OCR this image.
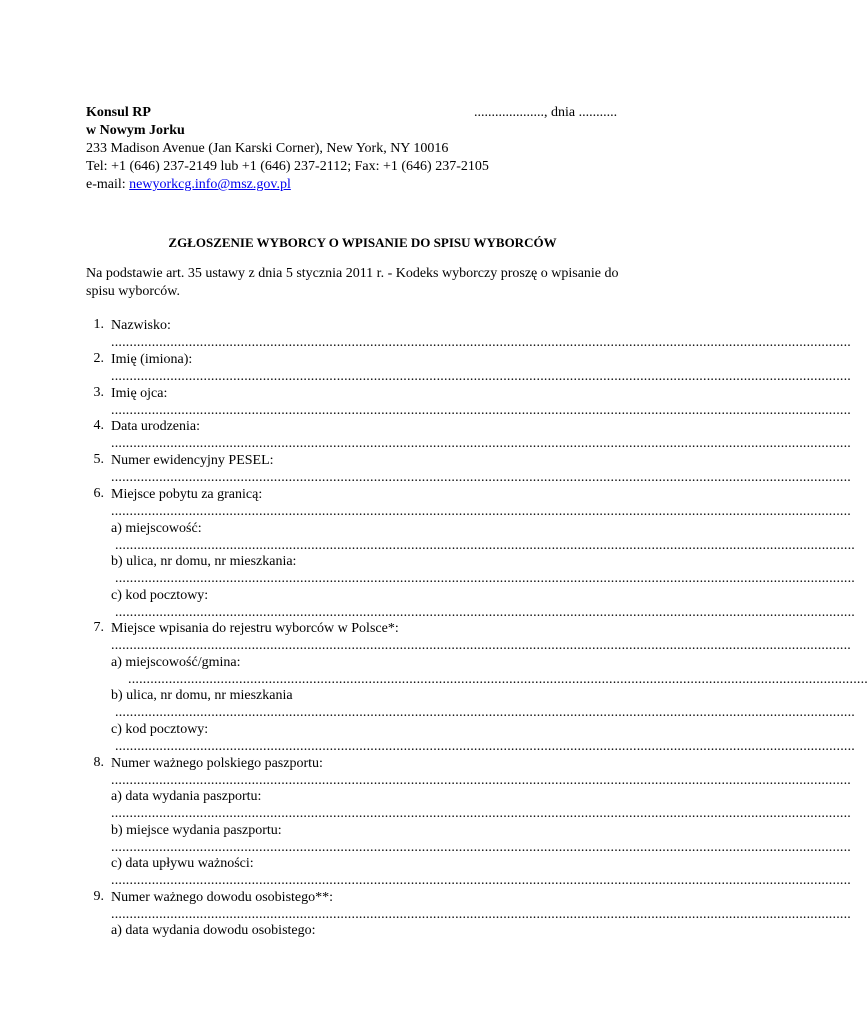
Konsul RP
w Nowym Jorku
233 Madison Avenue (Jan Karski Corner), New York, NY 10016
Tel: +1 (646) 237-2149 lub +1 (646) 237-2112; Fax: +1 (646) 237-2105
e-mail: newyorkcg.info@msz.gov.pl
...................., dnia ...........
ZGŁOSZENIE WYBORCY O WPISANIE DO SPISU WYBORCÓW
Na podstawie art. 35 ustawy z dnia 5 stycznia 2011 r. - Kodeks wyborczy proszę o wpisanie do spisu wyborców.
1. Nazwisko:
........................................................................................................................................................................................................
2. Imię (imiona):
........................................................................................................................................................................................................
3. Imię ojca:
........................................................................................................................................................................................................
4. Data urodzenia:
........................................................................................................................................................................................................
5. Numer ewidencyjny PESEL:
........................................................................................................................................................................................................
6. Miejsce pobytu za granicą:
........................................................................................................................................................................................................
a) miejscowość:
........................................................................................................................................................................................................
b) ulica, nr domu, nr mieszkania:
........................................................................................................................................................................................................
c) kod pocztowy:
........................................................................................................................................................................................................
7. Miejsce wpisania do rejestru wyborców w Polsce*:
........................................................................................................................................................................................................
a) miejscowość/gmina:
........................................................................................................................................................................................................
b) ulica, nr domu, nr mieszkania
........................................................................................................................................................................................................
c) kod pocztowy:
........................................................................................................................................................................................................
8. Numer ważnego polskiego paszportu:
........................................................................................................................................................................................................
a) data wydania paszportu:
........................................................................................................................................................................................................
b) miejsce wydania paszportu:
........................................................................................................................................................................................................
c) data upływu ważności:
........................................................................................................................................................................................................
9. Numer ważnego dowodu osobistego**:
........................................................................................................................................................................................................
a) data wydania dowodu osobistego:
